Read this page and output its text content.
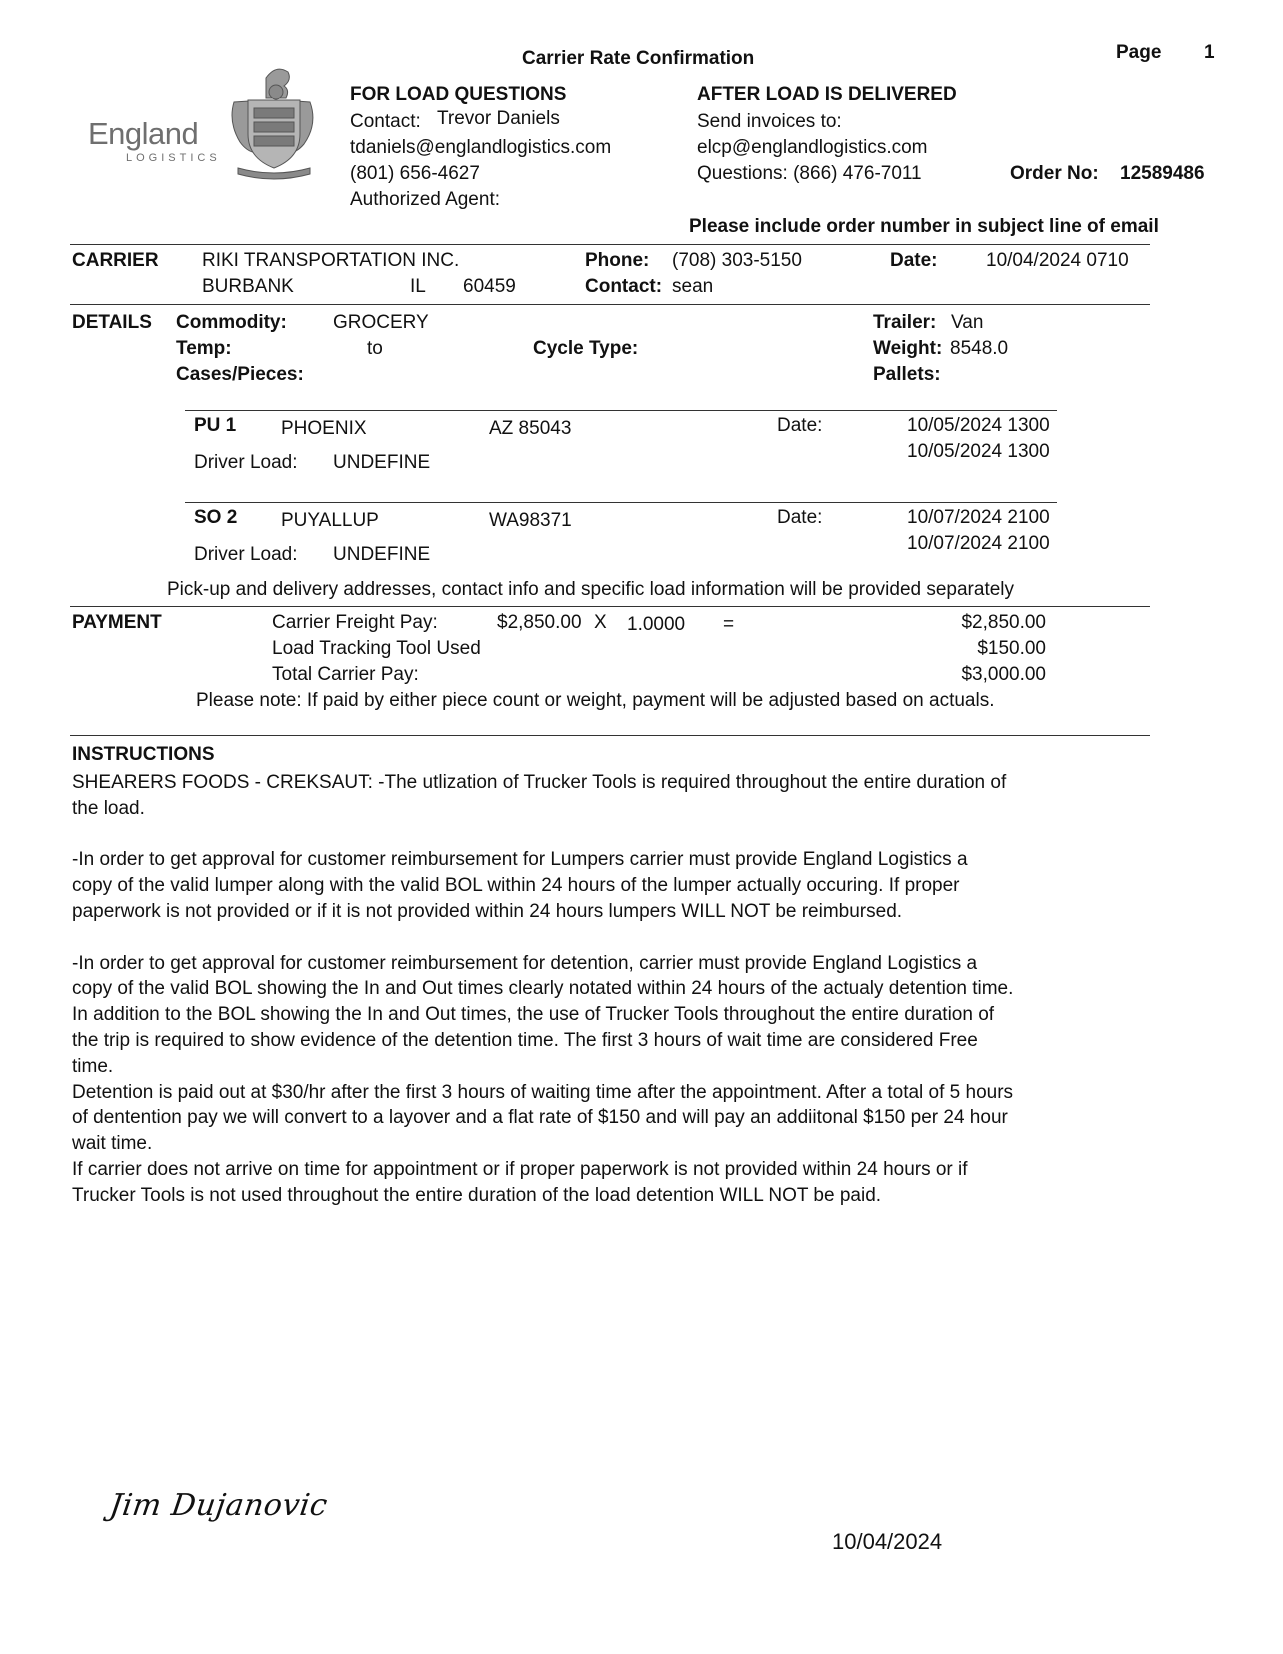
Carrier Rate Confirmation	Page 1
England
LOGISTICS
FOR LOAD QUESTIONS
Contact: Trevor Daniels
tdaniels@englandlogistics.com
(801) 656-4627
Authorized Agent:
AFTER LOAD IS DELIVERED
Send invoices to:
elcp@englandlogistics.com
Questions: (866) 476-7011	Order No: 12589486
Please include order number in subject line of email
CARRIER RIKI TRANSPORTATION INC.
BURBANK	IL 60459
Phone: (708) 303-5150
Contact: sean
Date:	10/04/2024 0710
DETAILS Commodity: GROCERY
Temp:	to	Cycle Type:
Cases/Pieces:
Trailer: Van
Weight: 8548.0
Pallets:
PU 1 PHOENIX	AZ 85043	Date:	10/05/2024 1300
10/05/2024 1300
Driver Load: UNDEFINE
SO 2 PUYALLUP	WA98371	Date:	10/07/2024 2100
10/07/2024 2100
Driver Load: UNDEFINE
Pick-up and delivery addresses, contact info and specific load information will be provided separately
PAYMENT	Carrier Freight Pay:	$2,850.00 X 1.0000 =	$2,850.00
Load Tracking Tool Used	$150.00
Total Carrier Pay:	$3,000.00
Please note: If paid by either piece count or weight, payment will be adjusted based on actuals.
INSTRUCTIONS

SHEARERS FOODS - CREKSAUT: -The utlization of Trucker Tools is required throughout the entire duration of
the load.

-In order to get approval for customer reimbursement for Lumpers carrier must provide England Logistics a
copy of the valid lumper along with the valid BOL within 24 hours of the lumper actually occuring. If proper
paperwork is not provided or if it is not provided within 24 hours lumpers WILL NOT be reimbursed.

-In order to get approval for customer reimbursement for detention, carrier must provide England Logistics a
copy of the valid BOL showing the In and Out times clearly notated within 24 hours of the actualy detention time.
In addition to the BOL showing the In and Out times, the use of Trucker Tools throughout the entire duration of
the trip is required to show evidence of the detention time. The first 3 hours of wait time are considered Free
time.
Detention is paid out at $30/hr after the first 3 hours of waiting time after the appointment. After a total of 5 hours
of dentention pay we will convert to a layover and a flat rate of $150 and will pay an addiitonal $150 per 24 hour
wait time.
If carrier does not arrive on time for appointment or if proper paperwork is not provided within 24 hours or if
Trucker Tools is not used throughout the entire duration of the load detention WILL NOT be paid.

Jim Dujanovic
10/04/2024
